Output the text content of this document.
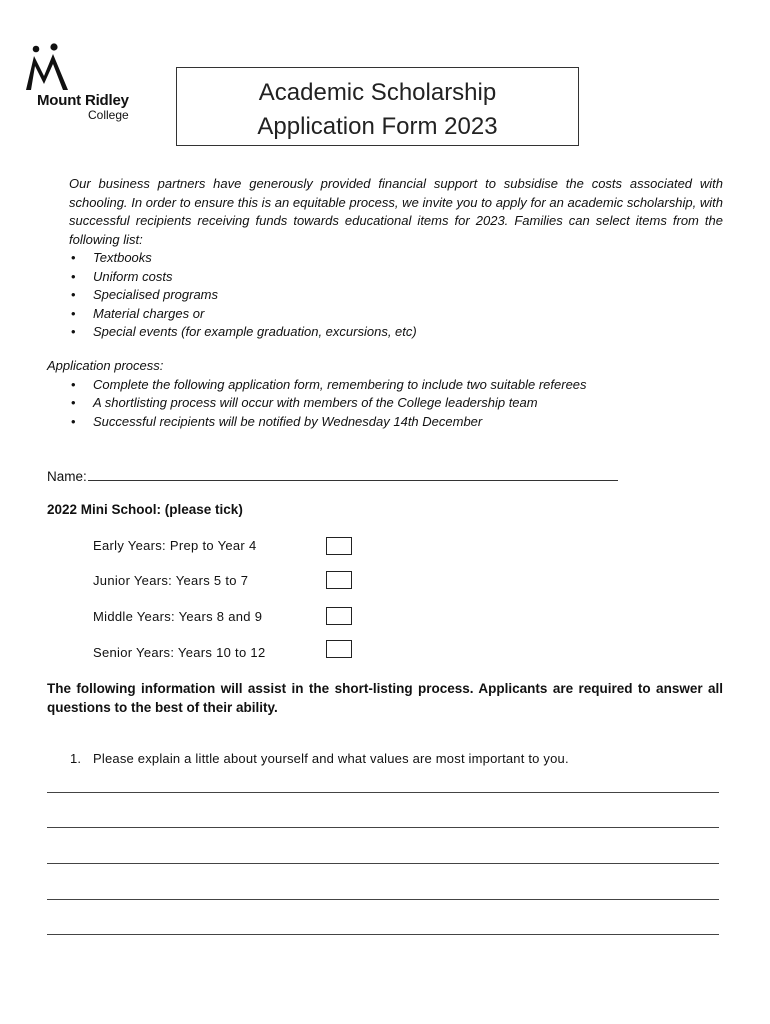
Mount Ridley
College
Academic Scholarship
Application Form 2023
Our business partners have generously provided financial support to subsidise the costs associated with schooling. In order to ensure this is an equitable process, we invite you to apply for an academic scholarship, with successful recipients receiving funds towards educational items for 2023. Families can select items from the following list:
• Textbooks
• Uniform costs
• Specialised programs
• Material charges or
• Special events (for example graduation, excursions, etc)
Application process:
• Complete the following application form, remembering to include two suitable referees
• A shortlisting process will occur with members of the College leadership team
• Successful recipients will be notified by Wednesday 14th December
Name:
2022 Mini School: (please tick)
Early Years: Prep to Year 4
Junior Years: Years 5 to 7
Middle Years: Years 8 and 9
Senior Years: Years 10 to 12
The following information will assist in the short-listing process. Applicants are required to answer all questions to the best of their ability.
1. Please explain a little about yourself and what values are most important to you.
